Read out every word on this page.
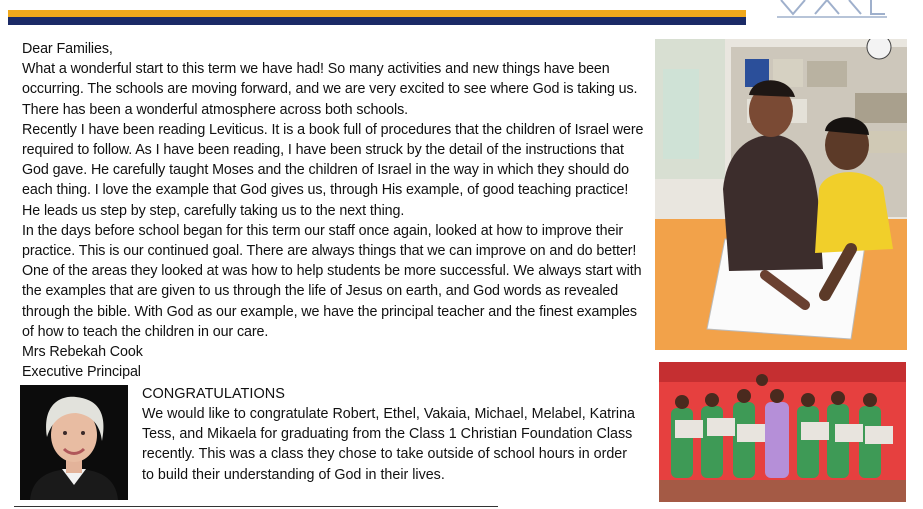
Dear Families,

What a wonderful start to this term we have had! So many activities and new things have been occurring. The schools are moving forward, and we are very excited to see where God is taking us. There has been a wonderful atmosphere across both schools.

Recently I have been reading Leviticus. It is a book full of procedures that the children of Israel were required to follow. As I have been reading, I have been struck by the detail of the instructions that God gave. He carefully taught Moses and the children of Israel in the way in which they should do each thing. I love the example that God gives us, through His example, of good teaching practice! He leads us step by step, carefully taking us to the next thing.

In the days before school began for this term our staff once again, looked at how to improve their practice. This is our continued goal. There are always things that we can improve on and do better! One of the areas they looked at was how to help students be more successful. We always start with the examples that are given to us through the life of Jesus on earth, and God words as revealed through the bible. With God as our example, we have the principal teacher and the finest examples of how to teach the children in our care.

Mrs Rebekah Cook

Executive Principal

CONGRATULATIONS

We would like to congratulate Robert, Ethel, Vakaia, Michael, Melabel, Katrina Tess, and Mikaela for graduating from the Class 1 Christian Foundation Class recently. This was a class they chose to take outside of school hours in order to build their understanding of God in their lives.
